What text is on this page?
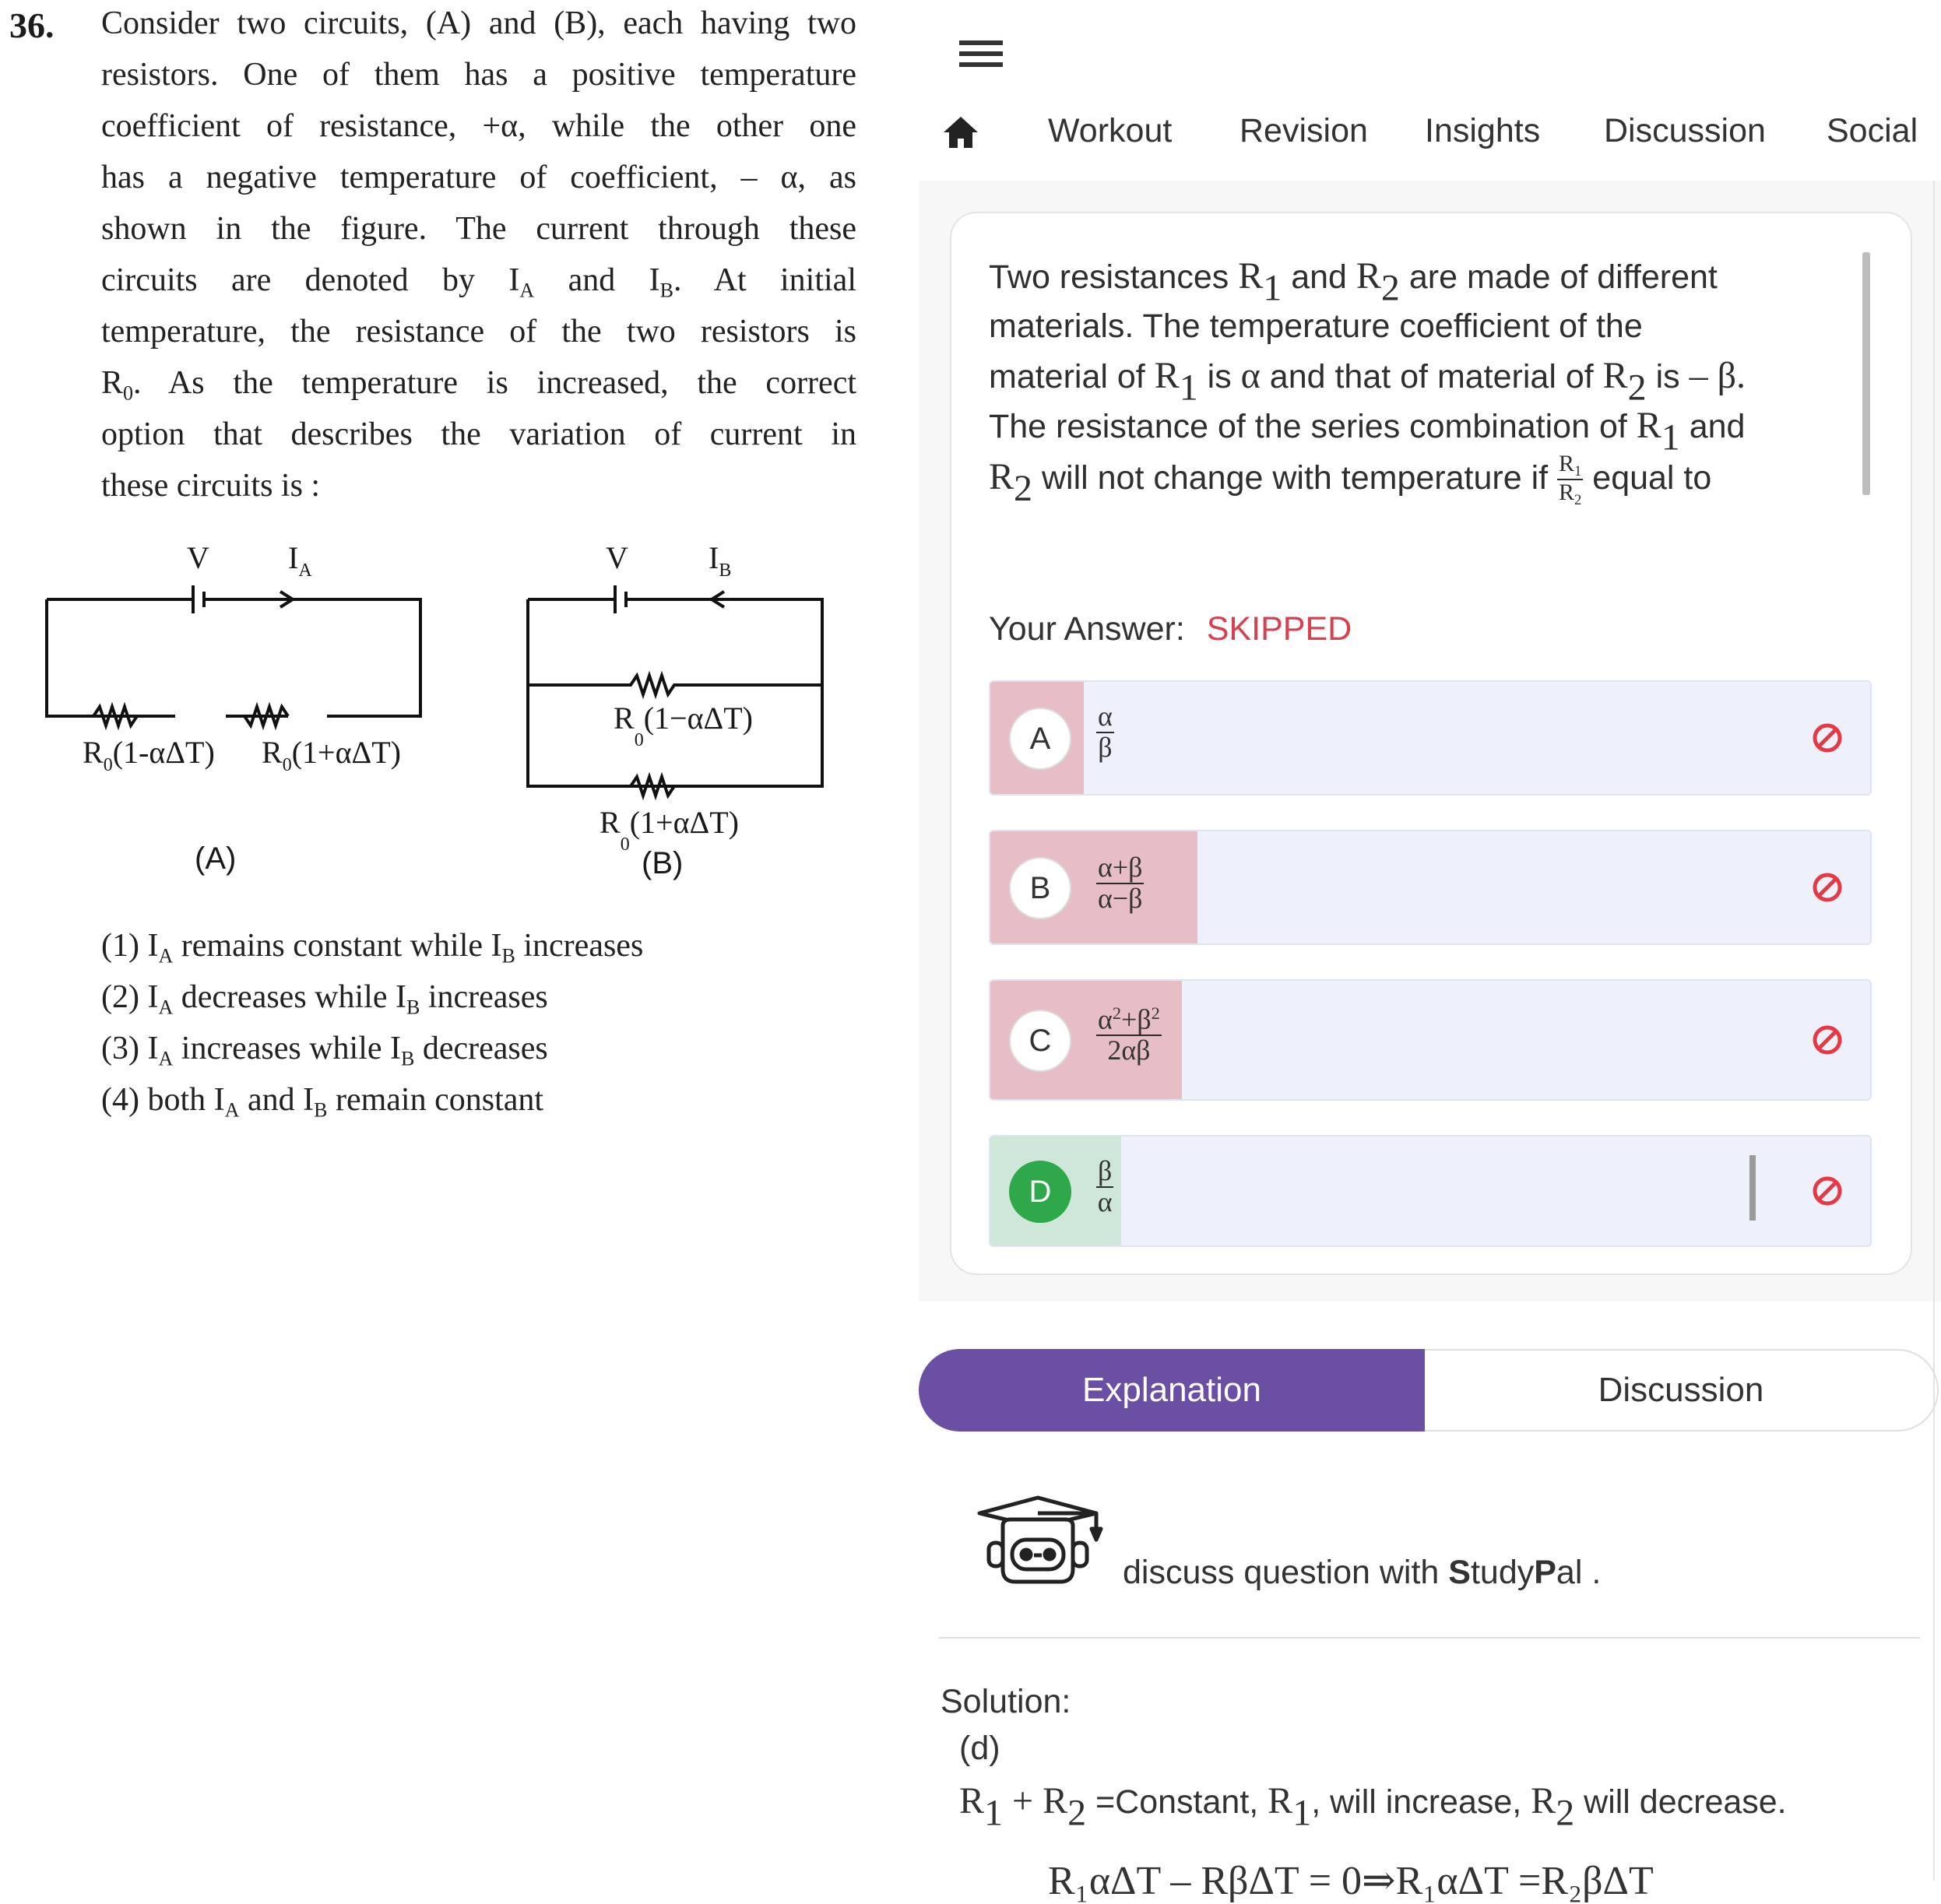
36. Consider two circuits, (A) and (B), each having two
resistors. One of them has a positive temperature
coefficient of resistance, +α, while the other one
has a negative temperature of coefficient, – α, as
shown in the figure. The current through these
circuits are denoted by $I_A$ and $I_B$. At initial
temperature, the resistance of the two resistors is
$R_0$. As the temperature is increased, the correct
option that describes the variation of current in
these circuits is :
V	$I_A$
$R_0(1-\alpha\Delta T)$ $R_0(1+\alpha\Delta T)$
(A)
V	$I_B$
$R_0(1-\alpha\Delta T)$
$R_0(1+\alpha\Delta T)$
(B)
(1) $I_A$ remains constant while $I_B$ increases
(2) $I_A$ decreases while $I_B$ increases
(3) $I_A$ increases while $I_B$ decreases
(4) both $I_A$ and $I_B$ remain constant
Workout Revision Insights Discussion Social
Two resistances $R_1$ and $R_2$ are made of different
materials. The temperature coefficient of the
material of $R_1$ is α and that of material of $R_2$ is – β.
The resistance of the series combination of $R_1$ and
$R_2$ will not change with temperature if $\frac{R_1}{R_2}$ equal to
Your Answer: SKIPPED
A	$\frac{\alpha}{\beta}$
B	$\frac{\alpha+\beta}{\alpha-\beta}$
C	$\frac{\alpha^2+\beta^2}{2\alpha\beta}$
D	$\frac{\beta}{\alpha}$
Explanation	Discussion
discuss question with StudyPal .
Solution:
(d)
$R_1 + R_2$ =Constant, $R_1$, will increase, $R_2$ will decrease.
R₁αΔT – RβΔT = 0⇒R₁αΔT =R₂βΔT
